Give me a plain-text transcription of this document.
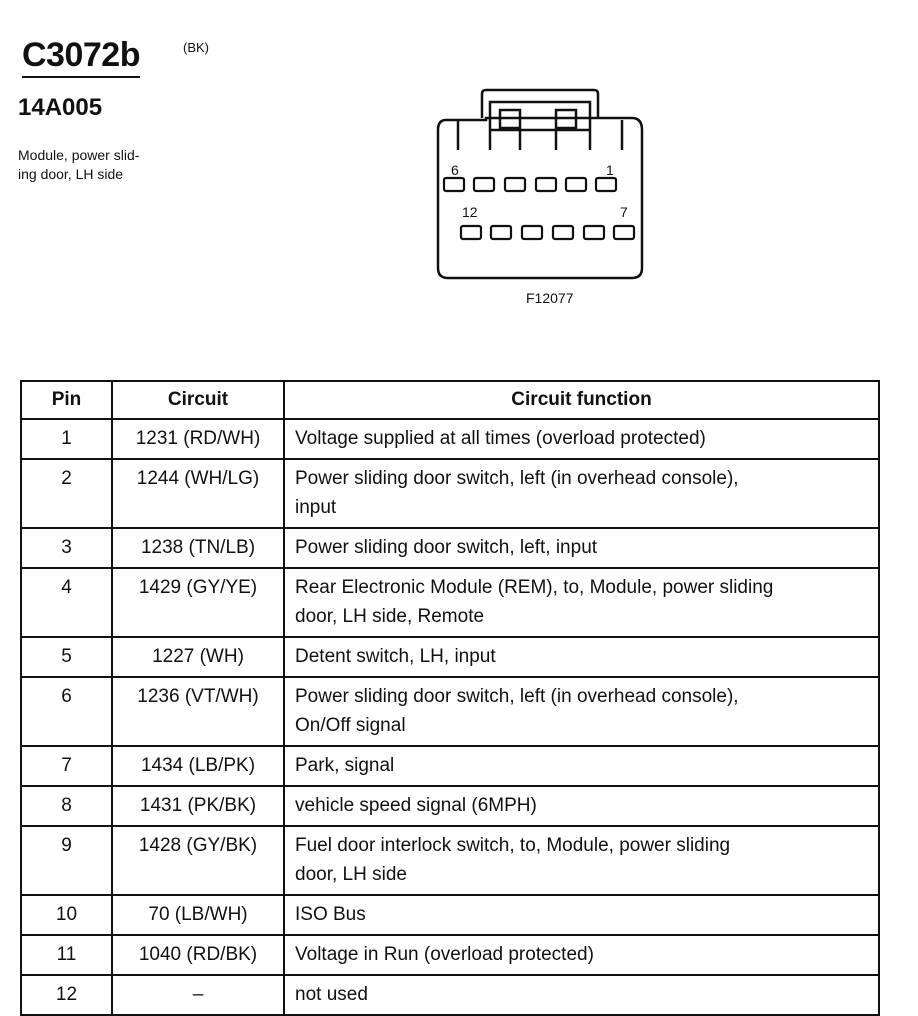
C3072b	(BK)
14A005
Module, power slid-
ing door, LH side	6	1
12	7
F12077
Pin	Circuit	Circuit function
1	1231 (RD/WH)	Voltage supplied at all times (overload protected)

2	1244 (WH/LG)	Power sliding door switch, left (in overhead console),
input

3	1238 (TN/LB)	Power sliding door switch, left, input

4	1429 (GY/YE)	Rear Electronic Module (REM), to, Module, power sliding
door, LH side, Remote

5	1227 (WH)	Detent switch, LH, input

6	1236 (VT/WH)	Power sliding door switch, left (in overhead console),
On/Off signal

7	1434 (LB/PK)	Park, signal

8	1431 (PK/BK)	vehicle speed signal (6MPH)

9	1428 (GY/BK)	Fuel door interlock switch, to, Module, power sliding
door, LH side

10	70 (LB/WH)	ISO Bus

11	1040 (RD/BK)	Voltage in Run (overload protected)

12	–	not used
